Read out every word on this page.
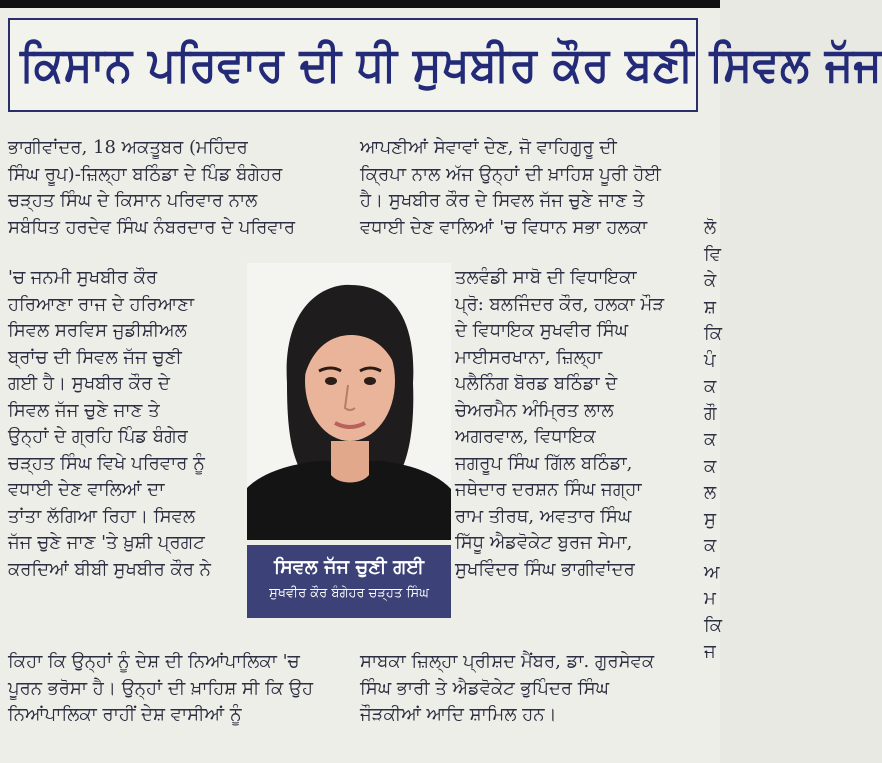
ਕਿਸਾਨ ਪਰਿਵਾਰ ਦੀ ਧੀ ਸੁਖਬੀਰ ਕੌਰ ਬਣੀ ਸਿਵਲ ਜੱਜ
ਭਾਗੀਵਾਂਦਰ, 18 ਅਕਤੂਬਰ (ਮਹਿੰਦਰ
ਸਿੰਘ ਰੂਪ)-ਜ਼ਿਲ੍ਹਾ ਬਠਿੰਡਾ ਦੇ ਪਿੰਡ ਬੰਗੇਹਰ
ਚੜ੍ਹਤ ਸਿੰਘ ਦੇ ਕਿਸਾਨ ਪਰਿਵਾਰ ਨਾਲ
ਸਬੰਧਿਤ ਹਰਦੇਵ ਸਿੰਘ ਨੰਬਰਦਾਰ ਦੇ ਪਰਿਵਾਰ
ਆਪਣੀਆਂ ਸੇਵਾਵਾਂ ਦੇਣ, ਜੋ ਵਾਹਿਗੁਰੂ ਦੀ
ਕ੍ਰਿਪਾ ਨਾਲ ਅੱਜ ਉਨ੍ਹਾਂ ਦੀ ਖ਼ਾਹਿਸ਼ ਪੂਰੀ ਹੋਈ
ਹੈ। ਸੁਖਬੀਰ ਕੌਰ ਦੇ ਸਿਵਲ ਜੱਜ ਚੁਣੇ ਜਾਣ ਤੇ
ਵਧਾਈ ਦੇਣ ਵਾਲਿਆਂ 'ਚ ਵਿਧਾਨ ਸਭਾ ਹਲਕਾ
'ਚ ਜਨਮੀ ਸੁਖਬੀਰ ਕੌਰ
ਹਰਿਆਣਾ ਰਾਜ ਦੇ ਹਰਿਆਣਾ
ਸਿਵਲ ਸਰਵਿਸ ਜੁਡੀਸ਼ੀਅਲ
ਬ੍ਰਾਂਚ ਦੀ ਸਿਵਲ ਜੱਜ ਚੁਣੀ
ਗਈ ਹੈ। ਸੁਖਬੀਰ ਕੌਰ ਦੇ
ਸਿਵਲ ਜੱਜ ਚੁਣੇ ਜਾਣ ਤੇ
ਉਨ੍ਹਾਂ ਦੇ ਗ੍ਰਹਿ ਪਿੰਡ ਬੰਗੇਰ
ਚੜ੍ਹਤ ਸਿੰਘ ਵਿਖੇ ਪਰਿਵਾਰ ਨੂੰ
ਵਧਾਈ ਦੇਣ ਵਾਲਿਆਂ ਦਾ
ਤਾਂਤਾ ਲੱਗਿਆ ਰਿਹਾ। ਸਿਵਲ
ਜੱਜ ਚੁਣੇ ਜਾਣ 'ਤੇ ਖ਼ੁਸ਼ੀ ਪ੍ਰਗਟ
ਕਰਦਿਆਂ ਬੀਬੀ ਸੁਖਬੀਰ ਕੌਰ ਨੇ	ਸਿਵਲ ਜੱਜ ਚੁਣੀ ਗਈ
ਸੁਖਵੀਰ ਕੌਰ ਬੰਗੇਹਰ ਚੜ੍ਹਤ ਸਿੰਘ
ਤਲਵੰਡੀ ਸਾਬੋ ਦੀ ਵਿਧਾਇਕਾ
ਪ੍ਰੋ: ਬਲਜਿੰਦਰ ਕੌਰ, ਹਲਕਾ ਮੌੜ
ਦੇ ਵਿਧਾਇਕ ਸੁਖਵੀਰ ਸਿੰਘ
ਮਾਈਸਰਖਾਨਾ, ਜ਼ਿਲ੍ਹਾ
ਪਲੈਨਿੰਗ ਬੋਰਡ ਬਠਿੰਡਾ ਦੇ
ਚੇਅਰਮੈਨ ਅੰਮ੍ਰਿਤ ਲਾਲ
ਅਗਰਵਾਲ, ਵਿਧਾਇਕ
ਜਗਰੂਪ ਸਿੰਘ ਗਿੱਲ ਬਠਿੰਡਾ,
ਜਥੇਦਾਰ ਦਰਸ਼ਨ ਸਿੰਘ ਜਗ੍ਹਾ
ਰਾਮ ਤੀਰਥ, ਅਵਤਾਰ ਸਿੰਘ
ਸਿੱਧੂ ਐਡਵੋਕੇਟ ਬੁਰਜ ਸੇਮਾ,
ਸੁਖਵਿੰਦਰ ਸਿੰਘ ਭਾਗੀਵਾਂਦਰ
ਕਿਹਾ ਕਿ ਉਨ੍ਹਾਂ ਨੂੰ ਦੇਸ਼ ਦੀ ਨਿਆਂਪਾਲਿਕਾ 'ਚ
ਪੂਰਨ ਭਰੋਸਾ ਹੈ। ਉਨ੍ਹਾਂ ਦੀ ਖ਼ਾਹਿਸ਼ ਸੀ ਕਿ ਉਹ
ਨਿਆਂਪਾਲਿਕਾ ਰਾਹੀਂ ਦੇਸ਼ ਵਾਸੀਆਂ ਨੂੰ
ਸਾਬਕਾ ਜ਼ਿਲ੍ਹਾ ਪ੍ਰੀਸ਼ਦ ਮੈਂਬਰ, ਡਾ. ਗੁਰਸੇਵਕ
ਸਿੰਘ ਭਾਰੀ ਤੇ ਐਡਵੋਕੇਟ ਭੁਪਿੰਦਰ ਸਿੰਘ
ਜੌੜਕੀਆਂ ਆਦਿ ਸ਼ਾਮਿਲ ਹਨ।
ਲੋ
ਵਿ
ਕੇ
ਸ਼
ਕਿ
ਪੰ
ਕ
ਗੌ
ਕ
ਕ
ਲ
ਸੁ
ਕ
ਅ
ਮ
ਕਿ
ਜ
